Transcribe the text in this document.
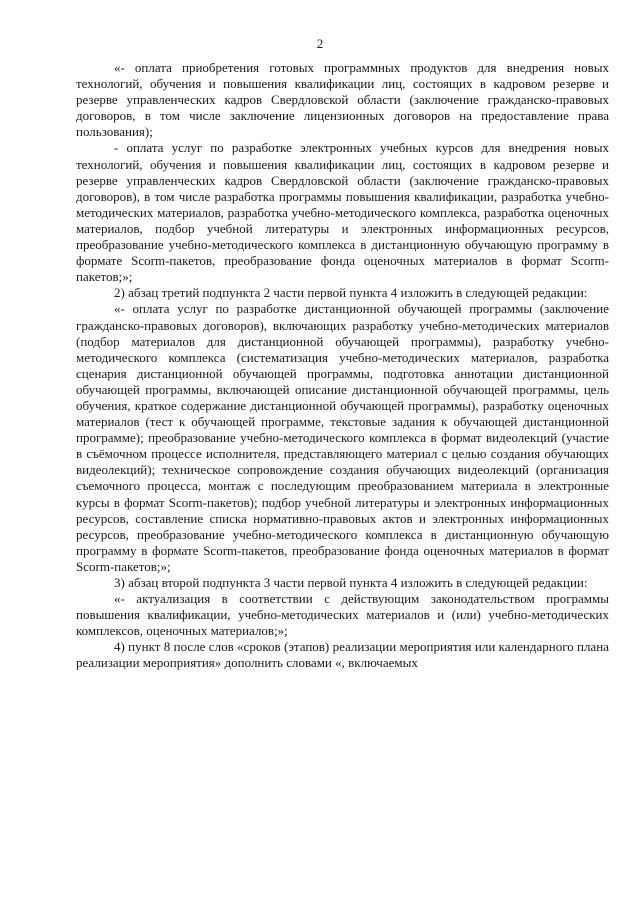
2

«- оплата приобретения готовых программных продуктов для внедрения новых технологий, обучения и повышения квалификации лиц, состоящих в кадровом резерве и резерве управленческих кадров Свердловской области (заключение гражданско-правовых договоров, в том числе заключение лицензионных договоров на предоставление права пользования);

- оплата услуг по разработке электронных учебных курсов для внедрения новых технологий, обучения и повышения квалификации лиц, состоящих в кадровом резерве и резерве управленческих кадров Свердловской области (заключение гражданско-правовых договоров), в том числе разработка программы повышения квалификации, разработка учебно-методических материалов, разработка учебно-методического комплекса, разработка оценочных материалов, подбор учебной литературы и электронных информационных ресурсов, преобразование учебно-методического комплекса в дистанционную обучающую программу в формате Scorm-пакетов, преобразование фонда оценочных материалов в формат Scorm-пакетов;»;

2) абзац третий подпункта 2 части первой пункта 4 изложить в следующей редакции:

«- оплата услуг по разработке дистанционной обучающей программы (заключение гражданско-правовых договоров), включающих разработку учебно-методических материалов (подбор материалов для дистанционной обучающей программы), разработку учебно-методического комплекса (систематизация учебно-методических материалов, разработка сценария дистанционной обучающей программы, подготовка аннотации дистанционной обучающей программы, включающей описание дистанционной обучающей программы, цель обучения, краткое содержание дистанционной обучающей программы), разработку оценочных материалов (тест к обучающей программе, текстовые задания к обучающей дистанционной программе); преобразование учебно-методического комплекса в формат видеолекций (участие в съёмочном процессе исполнителя, представляющего материал с целью создания обучающих видеолекций); техническое сопровождение создания обучающих видеолекций (организация съемочного процесса, монтаж с последующим преобразованием материала в электронные курсы в формат Scorm-пакетов); подбор учебной литературы и электронных информационных ресурсов, составление списка нормативно-правовых актов и электронных информационных ресурсов, преобразование учебно-методического комплекса в дистанционную обучающую программу в формате Scorm-пакетов, преобразование фонда оценочных материалов в формат Scorm-пакетов;»;

3) абзац второй подпункта 3 части первой пункта 4 изложить в следующей редакции:

«- актуализация в соответствии с действующим законодательством программы повышения квалификации, учебно-методических материалов и (или) учебно-методических комплексов, оценочных материалов;»;

4) пункт 8 после слов «сроков (этапов) реализации мероприятия или календарного плана реализации мероприятия» дополнить словами «, включаемых
